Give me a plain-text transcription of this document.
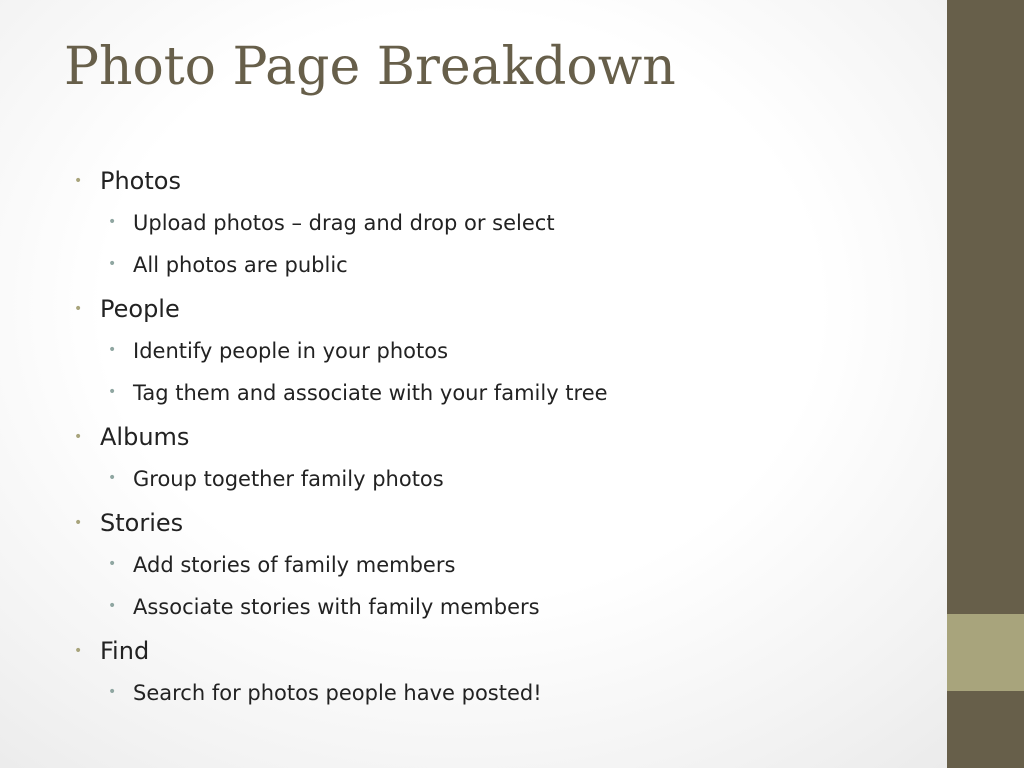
Photo Page Breakdown
• Photos
• Upload photos – drag and drop or select
• All photos are public
• People
• Identify people in your photos
• Tag them and associate with your family tree
• Albums
• Group together family photos
• Stories
• Add stories of family members
• Associate stories with family members
• Find
• Search for photos people have posted!
